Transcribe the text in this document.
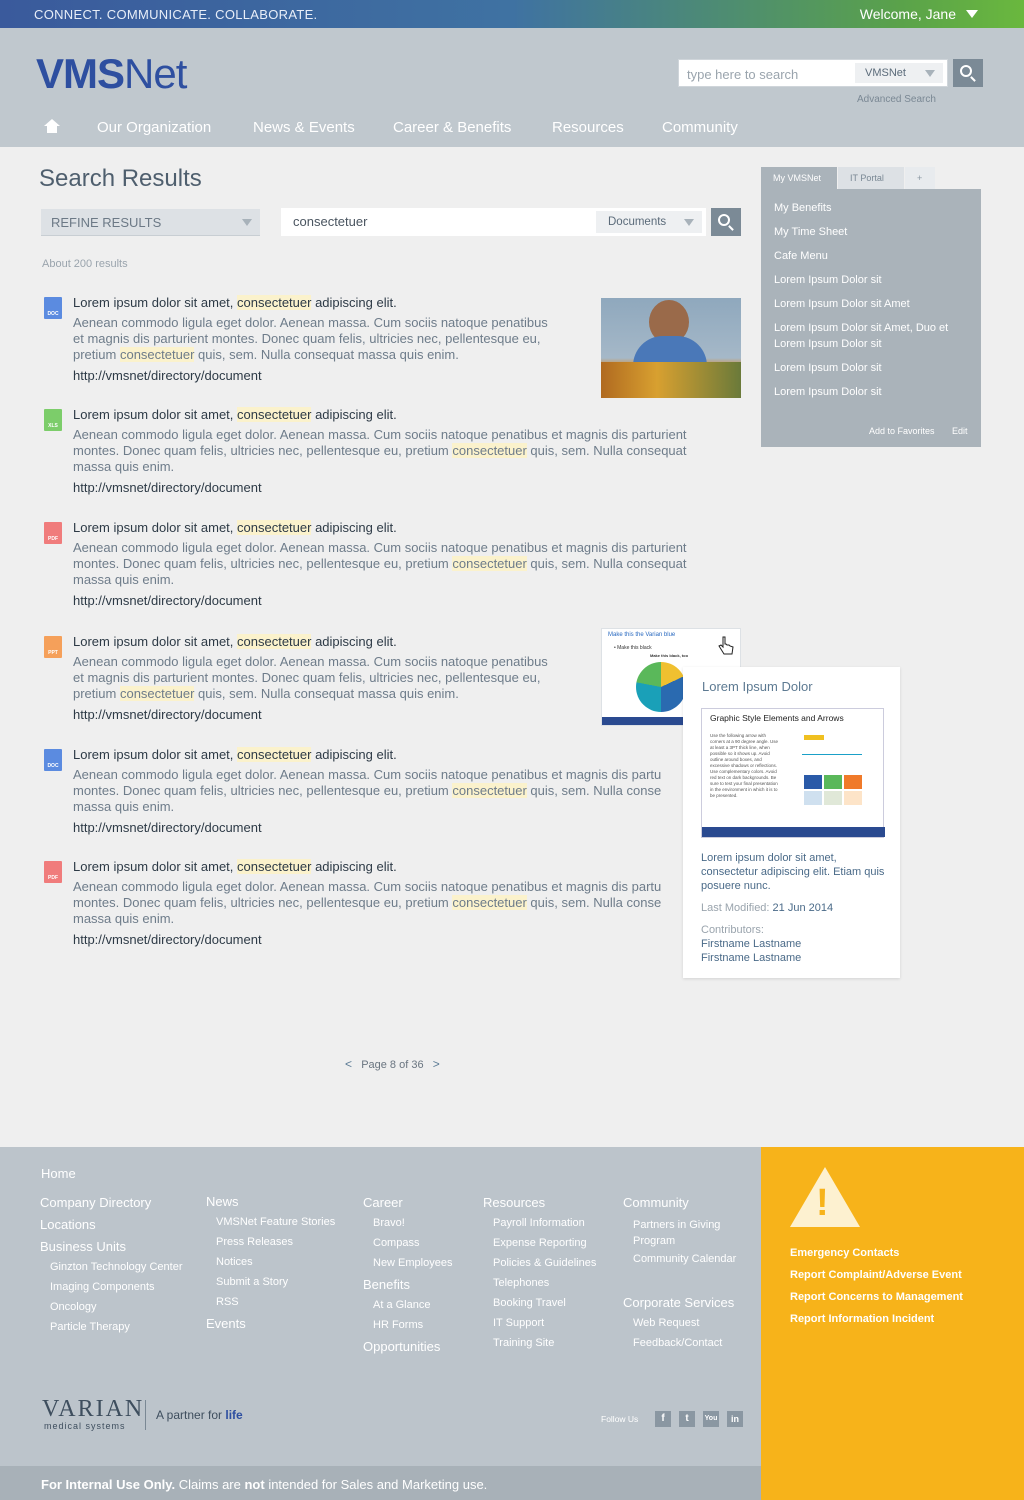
CONNECT. COMMUNICATE. COLLABORATE.	Welcome, Jane
VMSNet	type here to search	VMSNet
Advanced Search
Our Organization	News & Events	Career & Benefits	Resources	Community
Search Results
REFINE RESULTS	consectetuer	Documents
About 200 results
DOC
Lorem ipsum dolor sit amet, consectetuer adipiscing elit.
Aenean commodo ligula eget dolor. Aenean massa. Cum sociis natoque penatibus
et magnis dis parturient montes. Donec quam felis, ultricies nec, pellentesque eu,
pretium consectetuer quis, sem. Nulla consequat massa quis enim.
http://vmsnet/directory/document
XLS
Lorem ipsum dolor sit amet, consectetuer adipiscing elit.
Aenean commodo ligula eget dolor. Aenean massa. Cum sociis natoque penatibus et magnis dis parturient
montes. Donec quam felis, ultricies nec, pellentesque eu, pretium consectetuer quis, sem. Nulla consequat
massa quis enim.
http://vmsnet/directory/document
PDF
Lorem ipsum dolor sit amet, consectetuer adipiscing elit.
Aenean commodo ligula eget dolor. Aenean massa. Cum sociis natoque penatibus et magnis dis parturient
montes. Donec quam felis, ultricies nec, pellentesque eu, pretium consectetuer quis, sem. Nulla consequat
massa quis enim.
http://vmsnet/directory/document
PPT
Lorem ipsum dolor sit amet, consectetuer adipiscing elit.
Aenean commodo ligula eget dolor. Aenean massa. Cum sociis natoque penatibus
et magnis dis parturient montes. Donec quam felis, ultricies nec, pellentesque eu,
pretium consectetuer quis, sem. Nulla consequat massa quis enim.
http://vmsnet/directory/document
Make this the Varian blue
• Make this black
Make this black, too
DOC
Lorem ipsum dolor sit amet, consectetuer adipiscing elit.
Aenean commodo ligula eget dolor. Aenean massa. Cum sociis natoque penatibus et magnis dis partu
montes. Donec quam felis, ultricies nec, pellentesque eu, pretium consectetuer quis, sem. Nulla conse
massa quis enim.
http://vmsnet/directory/document
PDF
Lorem ipsum dolor sit amet, consectetuer adipiscing elit.
Aenean commodo ligula eget dolor. Aenean massa. Cum sociis natoque penatibus et magnis dis partu
montes. Donec quam felis, ultricies nec, pellentesque eu, pretium consectetuer quis, sem. Nulla conse
massa quis enim.
http://vmsnet/directory/document
Lorem Ipsum Dolor
Graphic Style Elements and Arrows
Use the following arrow with corners at a 90 degree angle. Use at least a 3PT thick line, when possible so it shows up. Avoid outline around boxes, and excessive shadows or reflections. Use complementary colors. Avoid red text on dark backgrounds. Be sure to test your final presentation in the environment in which it is to be presented.
Lorem ipsum dolor sit amet, consectetur adipiscing elit. Etiam quis posuere nunc.
Last Modified: 21 Jun 2014
Contributors:
Firstname Lastname
Firstname Lastname
< Page 8 of 36 >
My VMSNet	IT Portal	+
My Benefits
My Time Sheet
Cafe Menu
Lorem Ipsum Dolor sit
Lorem Ipsum Dolor sit Amet
Lorem Ipsum Dolor sit Amet, Duo et Lorem Ipsum Dolor sit
Lorem Ipsum Dolor sit
Lorem Ipsum Dolor sit
Add to Favorites Edit
Home
Company Directory
Locations
Business Units
Ginzton Technology Center
Imaging Components
Oncology
Particle Therapy
News
VMSNet Feature Stories
Press Releases
Notices
Submit a Story
RSS
Events
Career
Bravo!
Compass
New Employees
Benefits
At a Glance
HR Forms
Opportunities
Resources
Payroll Information
Expense Reporting
Policies & Guidelines
Telephones
Booking Travel
IT Support
Training Site
Community
Partners in Giving Program
Community Calendar
Corporate Services
Web Request
Feedback/Contact
VARIAN
medical systems
A partner for life	Follow Us	f	t	You	in
For Internal Use Only. Claims are not intended for Sales and Marketing use.
!
Emergency Contacts
Report Complaint/Adverse Event
Report Concerns to Management
Report Information Incident
